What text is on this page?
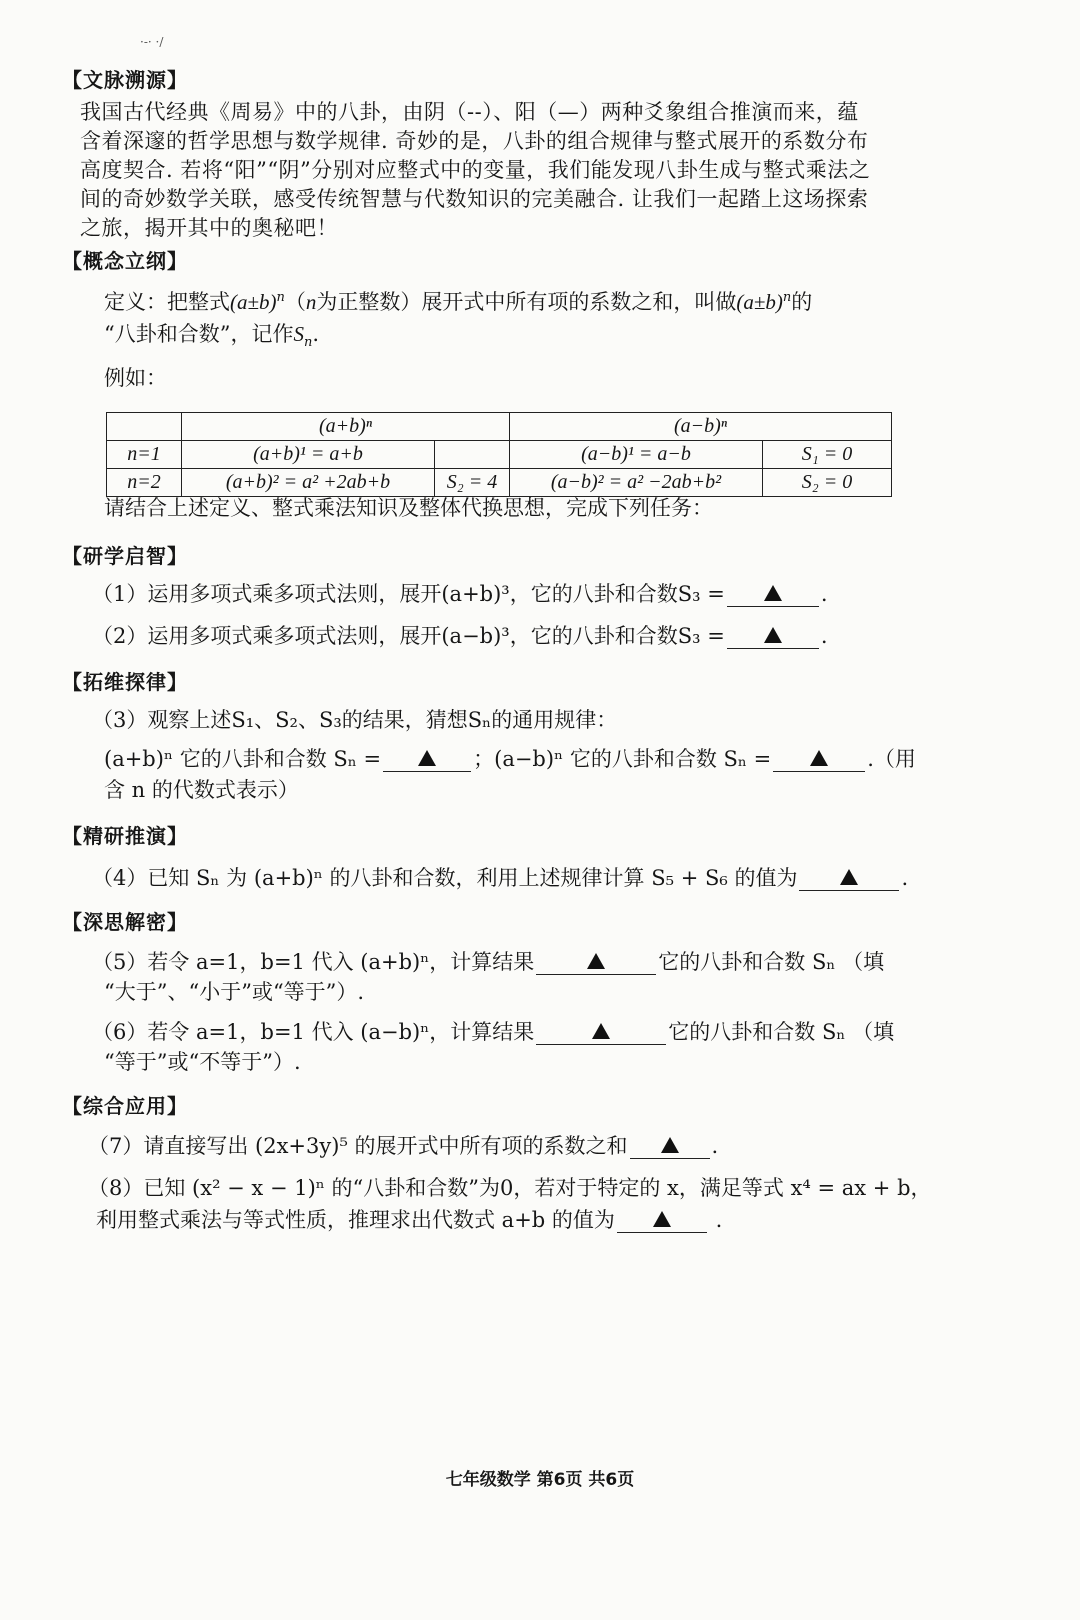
·-· ·/
【文脉溯源】
我国古代经典《周易》中的八卦，由阴（--）、阳（—）两种爻象组合推演而来，蕴含着深邃的哲学思想与数学规律. 奇妙的是，八卦的组合规律与整式展开的系数分布高度契合. 若将“阳”“阴”分别对应整式中的变量，我们能发现八卦生成与整式乘法之间的奇妙数学关联，感受传统智慧与代数知识的完美融合. 让我们一起踏上这场探索之旅，揭开其中的奥秘吧！
【概念立纲】
定义：把整式$(a\pm b)^n(n$为正整数）展开式中所有项的系数之和，叫做$(a\pm b)^n$的
“八卦和合数”，记作$S_n$.
例如：
	(a+b)ⁿ		(a−b)ⁿ	
n=1	(a+b)¹ = a+b		(a−b)¹ = a−b	S₁ = 0
n=2	(a+b)² = a² +2ab+b	S₂ = 4	(a−b)² = a² −2ab+b²	S₂ = 0
请结合上述定义、整式乘法知识及整体代换思想，完成下列任务：
【研学启智】
（1）运用多项式乘多项式法则，展开(a+b)³，它的八卦和合数S₃ =	.
（2）运用多项式乘多项式法则，展开(a−b)³，它的八卦和合数S₃ =	.
【拓维探律】
（3）观察上述S₁、S₂、S₃的结果，猜想Sₙ的通用规律：
(a+b)ⁿ 它的八卦和合数 Sₙ =	；(a−b)ⁿ 它的八卦和合数 Sₙ =	.（用
含 n 的代数式表示）
【精研推演】
（4）已知 Sₙ 为 (a+b)ⁿ 的八卦和合数，利用上述规律计算 S₅ + S₆ 的值为	.
【深思解密】
（5）若令 a=1，b=1 代入 (a+b)ⁿ，计算结果	它的八卦和合数 Sₙ （填
“大于”、“小于”或“等于”）.
（6）若令 a=1，b=1 代入 (a−b)ⁿ，计算结果	它的八卦和合数 Sₙ （填
“等于”或“不等于”）.
【综合应用】
（7）请直接写出 (2x+3y)⁵ 的展开式中所有项的系数之和	.
（8）已知 (x² − x − 1)ⁿ 的“八卦和合数”为0，若对于特定的 x，满足等式 x⁴ = ax + b，
利用整式乘法与等式性质，推理求出代数式 a+b 的值为	.
七年级数学 第6页 共6页
